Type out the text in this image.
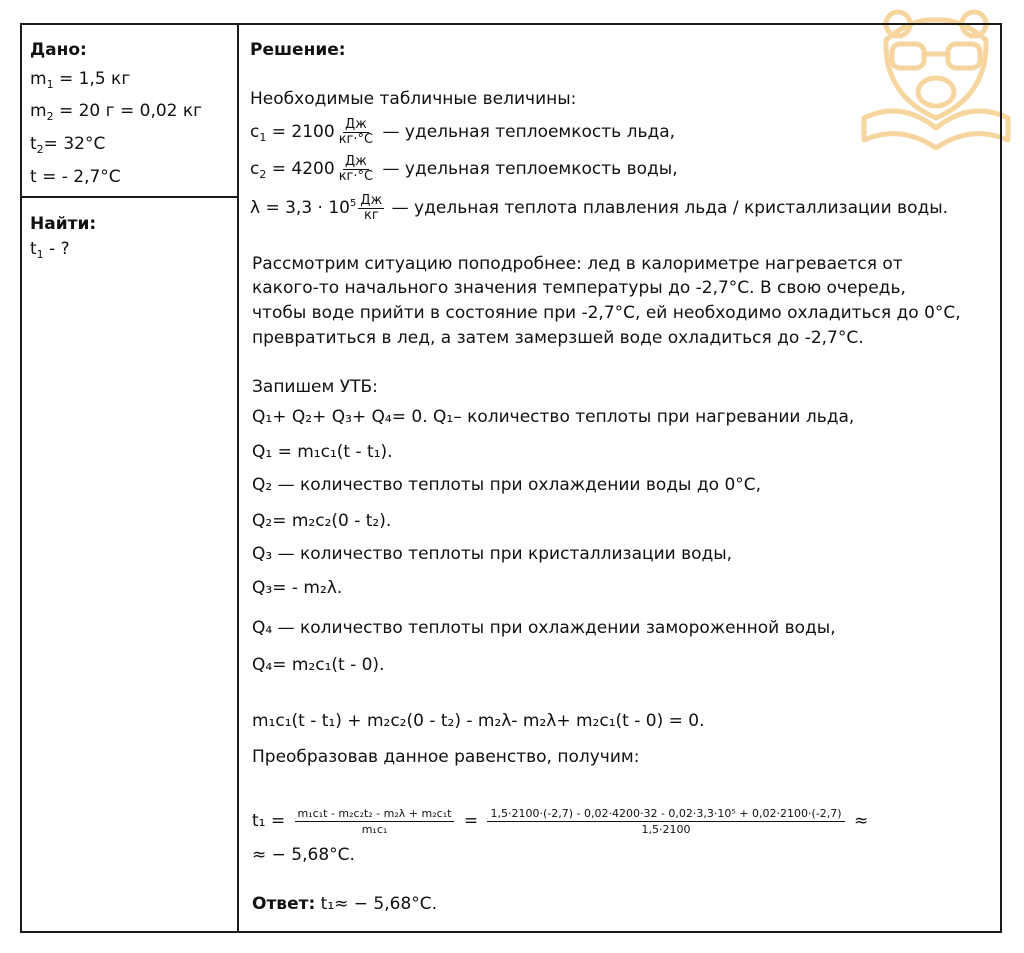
Дано:
$m_1 = 1,5$ кг
$m_2 = 20$ г = 0,02 кг
$t_2= 32^\circ C$
t = - 2,7°C
Найти:
$t_1$ - ?
Решение:
Необходимые табличные величины:
$c_1 = 2100 \frac{Дж}{кг\cdot^\circ C}$ — удельная теплоемкость льда,
$c_2 = 4200 \frac{Дж}{кг\cdot^\circ C}$ — удельная теплоемкость воды,
$\lambda = 3,3 \cdot 10^5 \frac{Дж}{кг}$ — удельная теплота плавления льда / кристаллизации воды.
Рассмотрим ситуацию поподробнее: лед в калориметре нагревается от
какого-то начального значения температуры до -2,7°C. В свою очередь,
чтобы воде прийти в состояние при -2,7°C, ей необходимо охладиться до 0°C,
превратиться в лед, а затем замерзшей воде охладиться до -2,7°C.
Запишем УТБ:
Q₁+ Q₂+ Q₃+ Q₄= 0. Q₁– количество теплоты при нагревании льда,
Q₁ = m₁c₁(t - t₁).
Q₂ — количество теплоты при охлаждении воды до 0°C,
Q₂= m₂c₂(0 - t₂).
Q₃ — количество теплоты при кристаллизации воды,
Q₃= - m₂λ.
Q₄ — количество теплоты при охлаждении замороженной воды,
Q₄= m₂c₁(t - 0).
m₁c₁(t - t₁) + m₂c₂(0 - t₂) - m₂λ- m₂λ+ m₂c₁(t - 0) = 0.
Преобразовав данное равенство, получим:
$t_1 = \frac{\text{m₁c₁t - m₂c₂t₂ - m₂λ + m₂c₁t}}{\text{m₁c₁}} = 1,5\cdot 2100\cdot(-2,7) - 0,02\cdot 4200\cdot 32 - 0,02\cdot 3,3\cdot 10^5 + 0,02\cdot 2100\cdot(-2,7)$
1,5·2100	≈
≈ − 5,68°C.
Ответ: t₁≈ − 5,68°C.
